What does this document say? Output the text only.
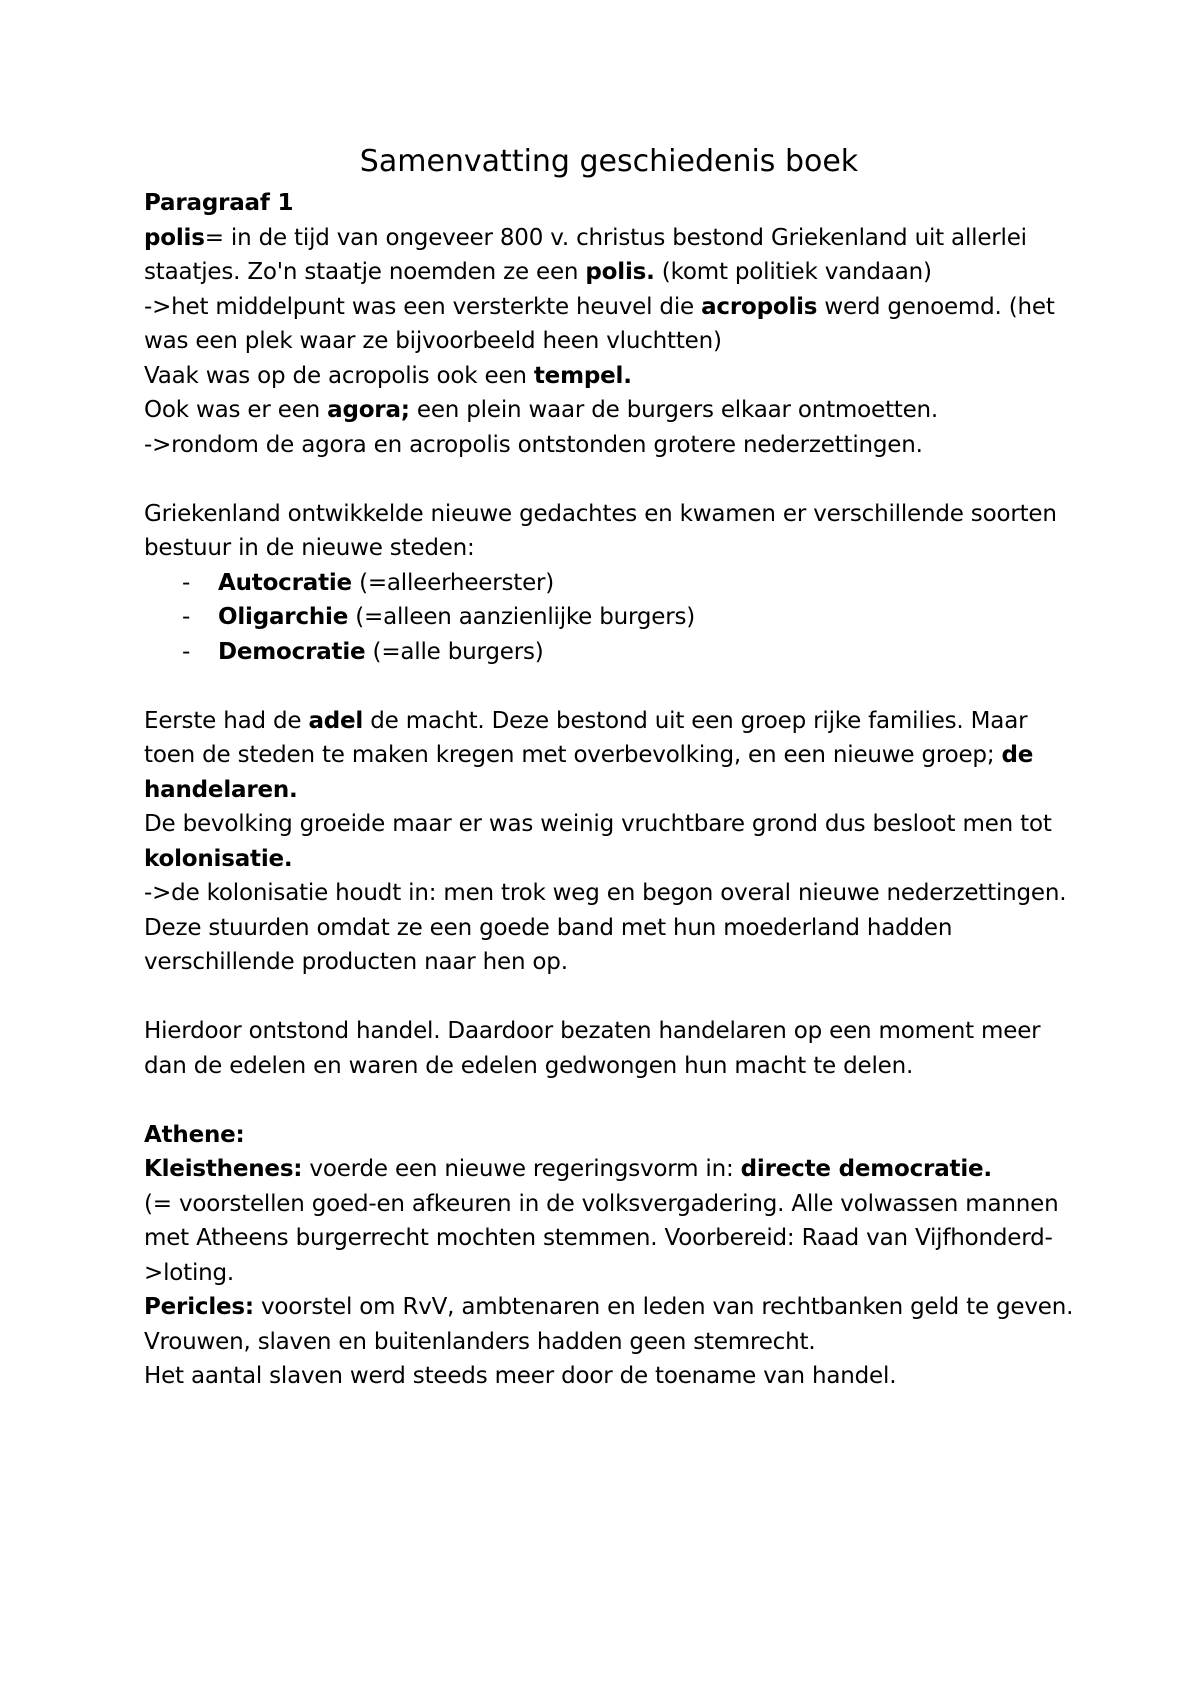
Samenvatting geschiedenis boek

Paragraaf 1

polis= in de tijd van ongeveer 800 v. christus bestond Griekenland uit allerlei staatjes. Zo'n staatje noemden ze een polis. (komt politiek vandaan)

->het middelpunt was een versterkte heuvel die acropolis werd genoemd. (het was een plek waar ze bijvoorbeeld heen vluchtten)

Vaak was op de acropolis ook een tempel.

Ook was er een agora; een plein waar de burgers elkaar ontmoetten.

->rondom de agora en acropolis ontstonden grotere nederzettingen.

Griekenland ontwikkelde nieuwe gedachtes en kwamen er verschillende soorten bestuur in de nieuwe steden:

- Autocratie (=alleerheerster)
- Oligarchie (=alleen aanzienlijke burgers)
- Democratie (=alle burgers)

Eerste had de adel de macht. Deze bestond uit een groep rijke families. Maar toen de steden te maken kregen met overbevolking, en een nieuwe groep; de handelaren.

De bevolking groeide maar er was weinig vruchtbare grond dus besloot men tot kolonisatie.

->de kolonisatie houdt in: men trok weg en begon overal nieuwe nederzettingen. Deze stuurden omdat ze een goede band met hun moederland hadden verschillende producten naar hen op.

Hierdoor ontstond handel. Daardoor bezaten handelaren op een moment meer dan de edelen en waren de edelen gedwongen hun macht te delen.

Athene:

Kleisthenes: voerde een nieuwe regeringsvorm in: directe democratie.

(= voorstellen goed-en afkeuren in de volksvergadering. Alle volwassen mannen met Atheens burgerrecht mochten stemmen. Voorbereid: Raad van Vijfhonderd->loting.

Pericles: voorstel om RvV, ambtenaren en leden van rechtbanken geld te geven.

Vrouwen, slaven en buitenlanders hadden geen stemrecht.

Het aantal slaven werd steeds meer door de toename van handel.
